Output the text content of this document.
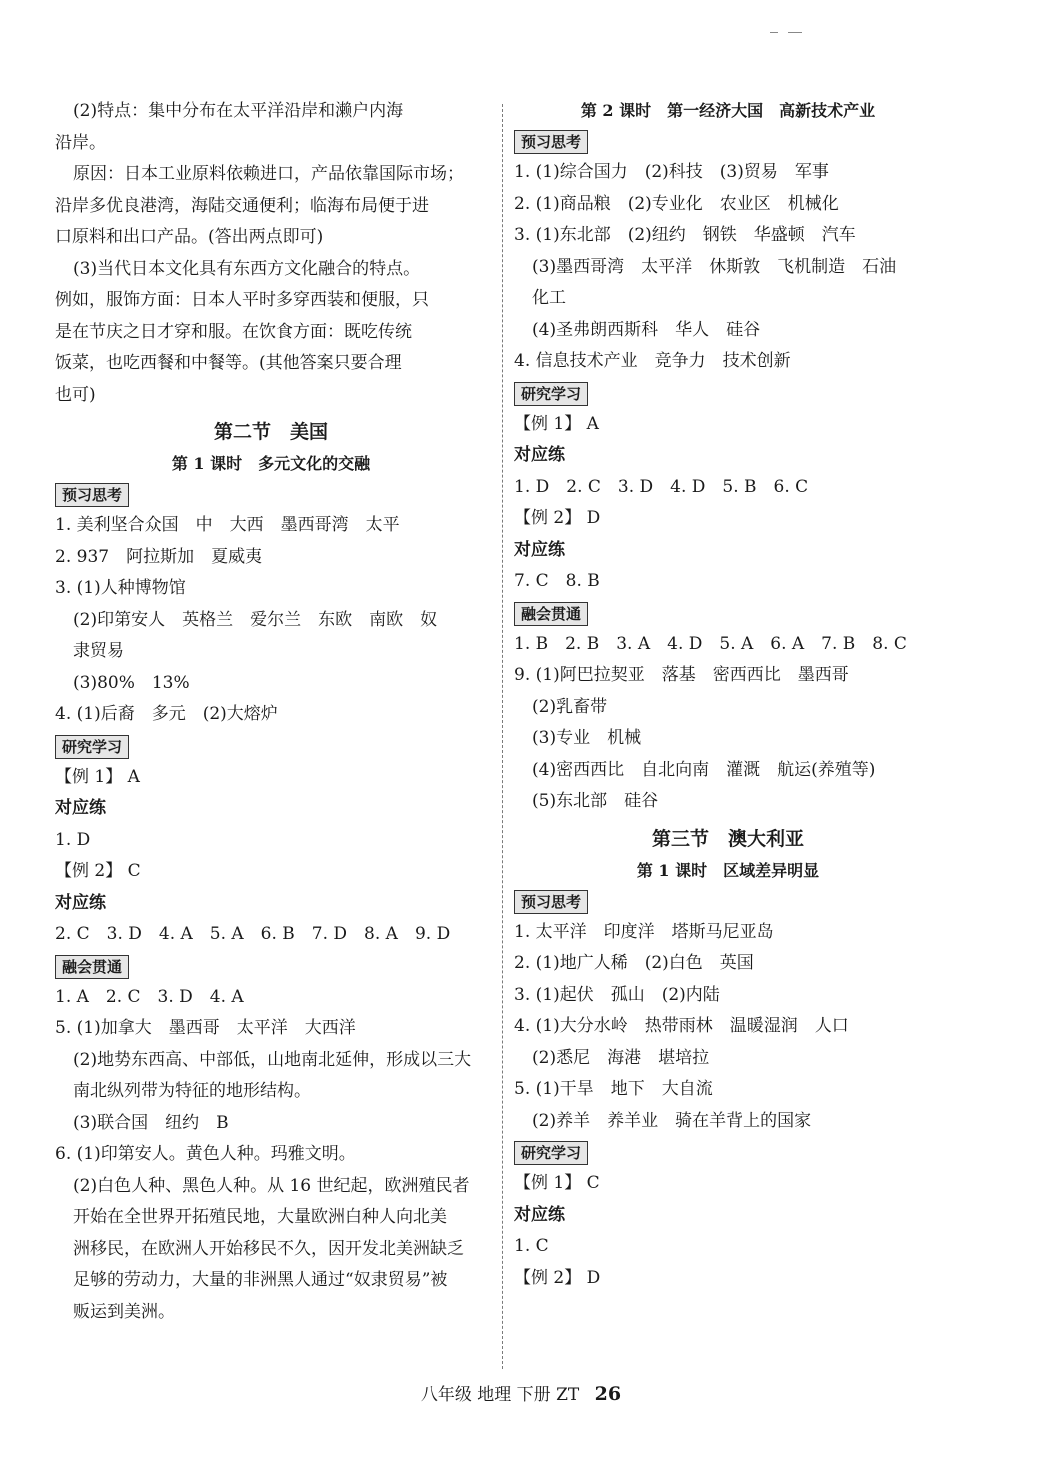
(2)特点：集中分布在太平洋沿岸和濑户内海
沿岸。
原因：日本工业原料依赖进口，产品依靠国际市场；
沿岸多优良港湾，海陆交通便利；临海布局便于进
口原料和出口产品。(答出两点即可)
(3)当代日本文化具有东西方文化融合的特点。
例如，服饰方面：日本人平时多穿西装和便服，只
是在节庆之日才穿和服。在饮食方面：既吃传统
饭菜，也吃西餐和中餐等。(其他答案只要合理
也可)
第二节　美国
第 1 课时　多元文化的交融
预习思考
1. 美利坚合众国　中　大西　墨西哥湾　太平
2. 937　阿拉斯加　夏威夷
3. (1)人种博物馆
(2)印第安人　英格兰　爱尔兰　东欧　南欧　奴
隶贸易
(3)80%　13%
4. (1)后裔　多元　(2)大熔炉
研究学习
【例 1】 A
对应练
1. D
【例 2】 C
对应练
2. C　3. D　4. A　5. A　6. B　7. D　8. A　9. D
融会贯通
1. A　2. C　3. D　4. A
5. (1)加拿大　墨西哥　太平洋　大西洋
(2)地势东西高、中部低，山地南北延伸，形成以三大
南北纵列带为特征的地形结构。
(3)联合国　纽约　B
6. (1)印第安人。黄色人种。玛雅文明。
(2)白色人种、黑色人种。从 16 世纪起，欧洲殖民者
开始在全世界开拓殖民地，大量欧洲白种人向北美
洲移民，在欧洲人开始移民不久，因开发北美洲缺乏
足够的劳动力，大量的非洲黑人通过“奴隶贸易”被
贩运到美洲。
第 2 课时　第一经济大国　高新技术产业
预习思考
1. (1)综合国力　(2)科技　(3)贸易　军事
2. (1)商品粮　(2)专业化　农业区　机械化
3. (1)东北部　(2)纽约　钢铁　华盛顿　汽车
(3)墨西哥湾　太平洋　休斯敦　飞机制造　石油
化工
(4)圣弗朗西斯科　华人　硅谷
4. 信息技术产业　竞争力　技术创新
研究学习
【例 1】 A
对应练
1. D　2. C　3. D　4. D　5. B　6. C
【例 2】 D
对应练
7. C　8. B
融会贯通
1. B　2. B　3. A　4. D　5. A　6. A　7. B　8. C
9. (1)阿巴拉契亚　落基　密西西比　墨西哥
(2)乳畜带
(3)专业　机械
(4)密西西比　自北向南　灌溉　航运(养殖等)
(5)东北部　硅谷
第三节　澳大利亚
第 1 课时　区域差异明显
预习思考
1. 太平洋　印度洋　塔斯马尼亚岛
2. (1)地广人稀　(2)白色　英国
3. (1)起伏　孤山　(2)内陆
4. (1)大分水岭　热带雨林　温暖湿润　人口
(2)悉尼　海港　堪培拉
5. (1)干旱　地下　大自流
(2)养羊　养羊业　骑在羊背上的国家
研究学习
【例 1】 C
对应练
1. C
【例 2】 D
八年级 地理 下册 ZT 26
